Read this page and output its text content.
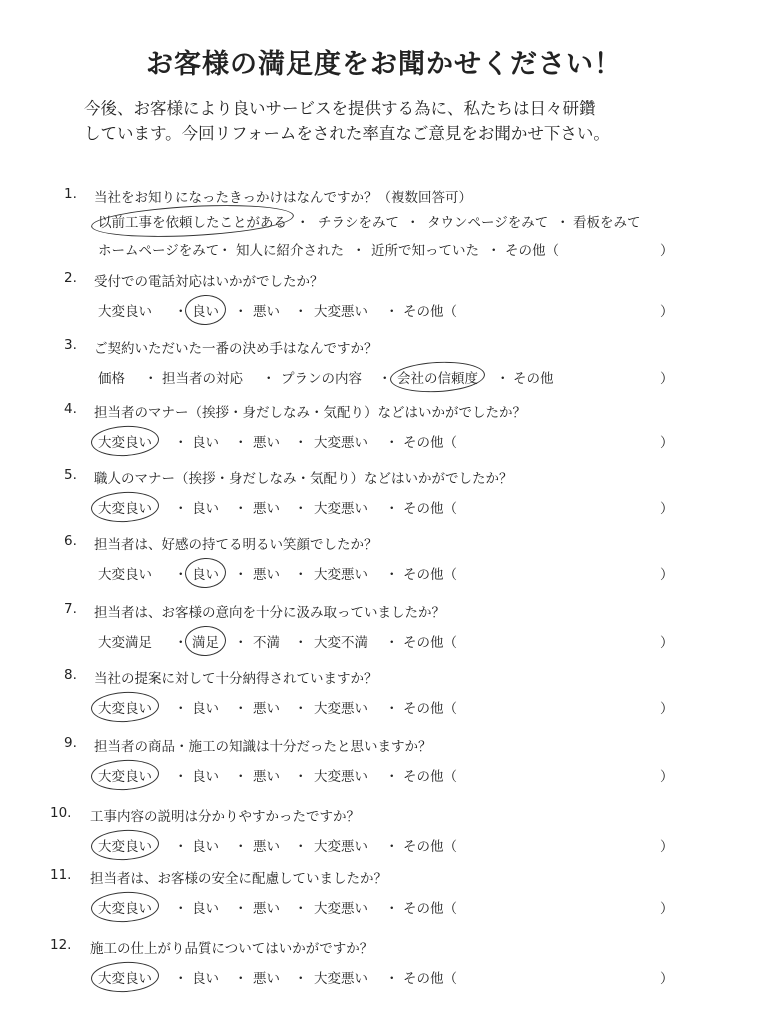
お客様の満足度をお聞かせください！
今後、お客様により良いサービスを提供する為に、私たちは日々研鑽
しています。今回リフォームをされた率直なご意見をお聞かせ下さい。
1. 当社をお知りになったきっかけはなんですか？（複数回答可）
以前工事を依頼したことがある ・ チラシをみて ・ タウンページをみて ・ 看板をみて
ホームページをみて
・ 知人に紹介された ・ 近所で知っていた ・ その他（	）
2. 受付での電話対応はいかがでしたか？
大変良い ・ 良い ・ 悪い ・ 大変悪い ・ その他（	）
3. ご契約いただいた一番の決め手はなんですか？
価格 ・ 担当者の対応 ・ プランの内容 ・ 会社の信頼度 ・ その他	）
4. 担当者のマナー（挨拶・身だしなみ・気配り）などはいかがでしたか？
大変良い ・ 良い ・ 悪い ・ 大変悪い ・ その他（	）
5. 職人のマナー（挨拶・身だしなみ・気配り）などはいかがでしたか？
大変良い ・ 良い ・ 悪い ・ 大変悪い ・ その他（	）
6. 担当者は、好感の持てる明るい笑顔でしたか？
大変良い ・ 良い ・ 悪い ・ 大変悪い ・ その他（	）
7. 担当者は、お客様の意向を十分に汲み取っていましたか？
大変満足 ・ 満足 ・ 不満 ・ 大変不満 ・ その他（	）
8. 当社の提案に対して十分納得されていますか？
大変良い ・ 良い ・ 悪い ・ 大変悪い ・ その他（	）
9. 担当者の商品・施工の知識は十分だったと思いますか？
大変良い ・ 良い ・ 悪い ・ 大変悪い ・ その他（	）
10. 工事内容の説明は分かりやすかったですか？
大変良い ・ 良い ・ 悪い ・ 大変悪い ・ その他（	）
11. 担当者は、お客様の安全に配慮していましたか？
大変良い ・ 良い ・ 悪い ・ 大変悪い ・ その他（	）
12. 施工の仕上がり品質についてはいかがですか？
大変良い ・ 良い ・ 悪い ・ 大変悪い ・ その他（	）
